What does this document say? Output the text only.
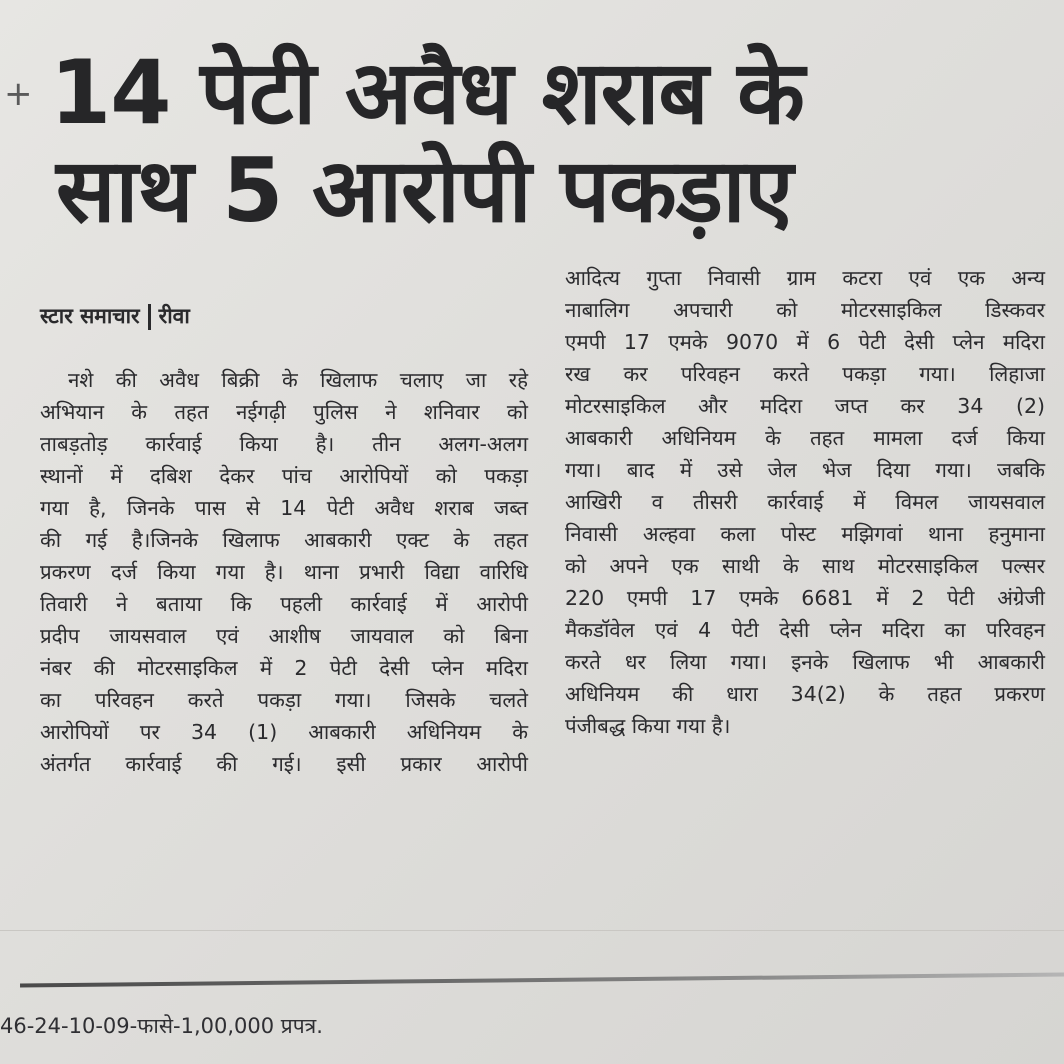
+ 14 पेटी अवैध शराब के
साथ 5 आरोपी पकड़ाए
स्टार समाचार रीवा

नशे की अवैध बिक्री के खिलाफ चलाए जा रहे

अभियान के तहत नईगढ़ी पुलिस ने शनिवार को

ताबड़तोड़ कार्रवाई किया है। तीन अलग-अलग

स्थानों में दबिश देकर पांच आरोपियों को पकड़ा

गया है, जिनके पास से 14 पेटी अवैध शराब जब्त

की गई है।जिनके खिलाफ आबकारी एक्ट के तहत

प्रकरण दर्ज किया गया है। थाना प्रभारी विद्या वारिधि

तिवारी ने बताया कि पहली कार्रवाई में आरोपी

प्रदीप जायसवाल एवं आशीष जायवाल को बिना

नंबर की मोटरसाइकिल में 2 पेटी देसी प्लेन मदिरा

का परिवहन करते पकड़ा गया। जिसके चलते

आरोपियों पर 34 (1) आबकारी अधिनियम के

अंतर्गत कार्रवाई की गई। इसी प्रकार आरोपी

आदित्य गुप्ता निवासी ग्राम कटरा एवं एक अन्य

नाबालिग अपचारी को मोटरसाइकिल डिस्कवर

एमपी 17 एमके 9070 में 6 पेटी देसी प्लेन मदिरा

रख कर परिवहन करते पकड़ा गया। लिहाजा

मोटरसाइकिल और मदिरा जप्त कर 34 (2)

आबकारी अधिनियम के तहत मामला दर्ज किया

गया। बाद में उसे जेल भेज दिया गया। जबकि

आखिरी व तीसरी कार्रवाई में विमल जायसवाल

निवासी अल्हवा कला पोस्ट मझिगवां थाना हनुमाना

को अपने एक साथी के साथ मोटरसाइकिल पल्सर

220 एमपी 17 एमके 6681 में 2 पेटी अंग्रेजी

मैकडॉवेल एवं 4 पेटी देसी प्लेन मदिरा का परिवहन

करते धर लिया गया। इनके खिलाफ भी आबकारी

अधिनियम की धारा 34(2) के तहत प्रकरण

पंजीबद्ध किया गया है।

46-24-10-09-फासे-1,00,000 प्रपत्र.
